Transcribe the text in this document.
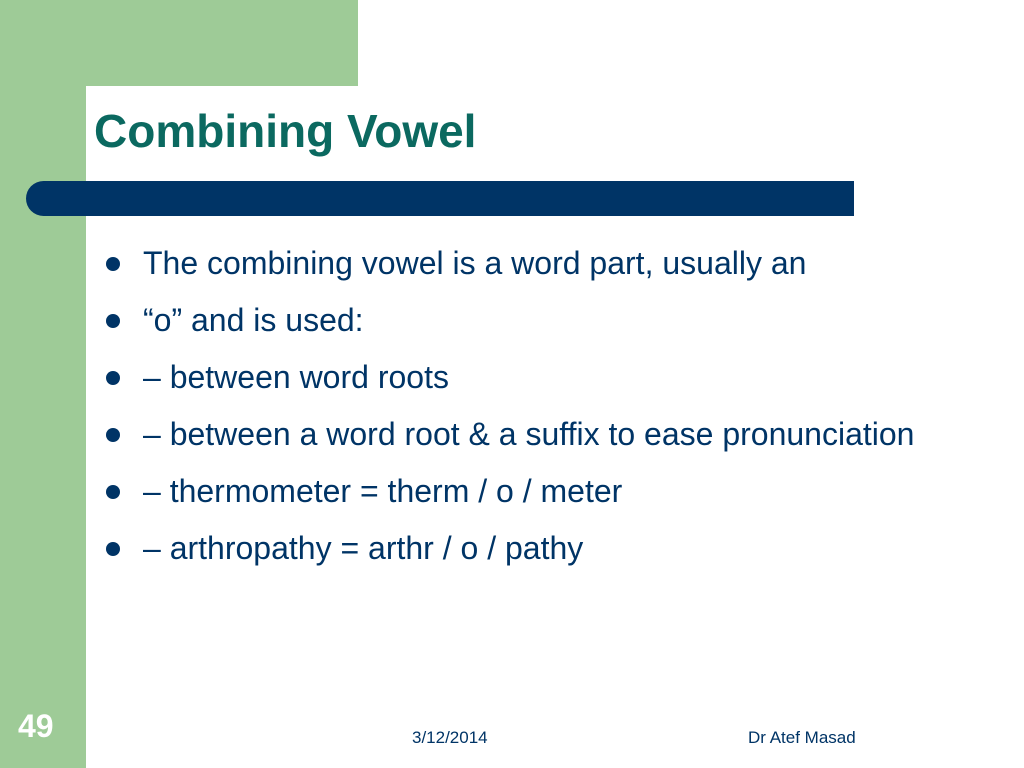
Combining Vowel
The combining vowel is a word part, usually an
“o” and is used:
– between word roots
– between a word root & a suffix to ease pronunciation
– thermometer = therm / o / meter
– arthropathy = arthr / o / pathy
49	3/12/2014	Dr Atef Masad
